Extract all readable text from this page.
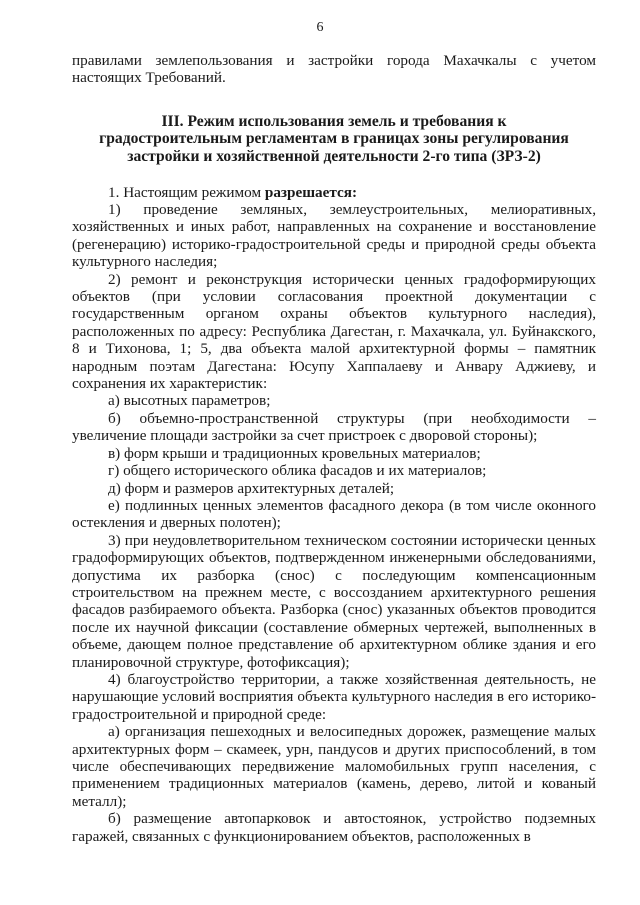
6

правилами землепользования и застройки города Махачкалы с учетом настоящих Требований.

III. Режим использования земель и требования к
градостроительным регламентам в границах зоны регулирования
застройки и хозяйственной деятельности 2-го типа (ЗРЗ-2)

1. Настоящим режимом разрешается:

1) проведение земляных, землеустроительных, мелиоративных, хозяйственных и иных работ, направленных на сохранение и восстановление (регенерацию) историко-градостроительной среды и природной среды объекта культурного наследия;

2) ремонт и реконструкция исторически ценных градоформирующих объектов (при условии согласования проектной документации с государственным органом охраны объектов культурного наследия), расположенных по адресу: Республика Дагестан, г. Махачкала, ул. Буйнакского, 8 и Тихонова, 1; 5, два объекта малой архитектурной формы – памятник народным поэтам Дагестана: Юсупу Хаппалаеву и Анвару Аджиеву, и сохранения их характеристик:

а) высотных параметров;

б) объемно-пространственной структуры (при необходимости – увеличение площади застройки за счет пристроек с дворовой стороны);

в) форм крыши и традиционных кровельных материалов;

г) общего исторического облика фасадов и их материалов;

д) форм и размеров архитектурных деталей;

е) подлинных ценных элементов фасадного декора (в том числе оконного остекления и дверных полотен);

3) при неудовлетворительном техническом состоянии исторически ценных градоформирующих объектов, подтвержденном инженерными обследованиями, допустима их разборка (снос) с последующим компенсационным строительством на прежнем месте, с воссозданием архитектурного решения фасадов разбираемого объекта. Разборка (снос) указанных объектов проводится после их научной фиксации (составление обмерных чертежей, выполненных в объеме, дающем полное представление об архитектурном облике здания и его планировочной структуре, фотофиксация);

4) благоустройство территории, а также хозяйственная деятельность, не нарушающие условий восприятия объекта культурного наследия в его историко-градостроительной и природной среде:

а) организация пешеходных и велосипедных дорожек, размещение малых архитектурных форм – скамеек, урн, пандусов и других приспособлений, в том числе обеспечивающих передвижение маломобильных групп населения, с применением традиционных материалов (камень, дерево, литой и кованый металл);

б) размещение автопарковок и автостоянок, устройство подземных гаражей, связанных с функционированием объектов, расположенных в
